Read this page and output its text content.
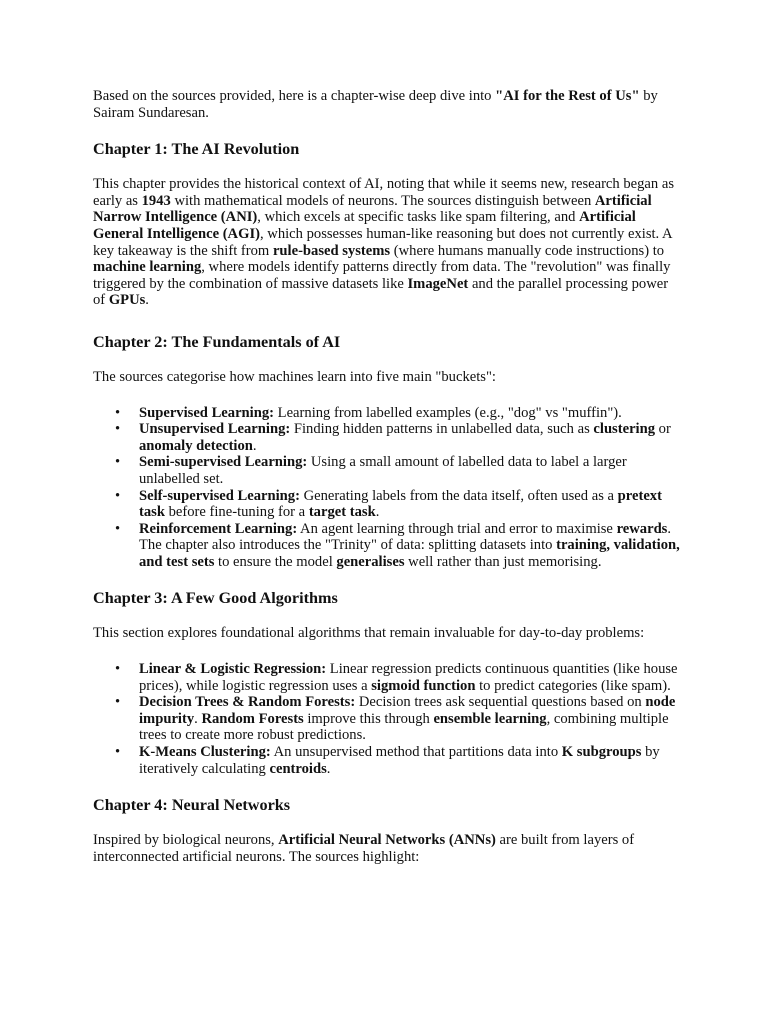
Based on the sources provided, here is a chapter-wise deep dive into "AI for the Rest of Us" by Sairam Sundaresan.

Chapter 1: The AI Revolution

This chapter provides the historical context of AI, noting that while it seems new, research began as early as 1943 with mathematical models of neurons. The sources distinguish between Artificial Narrow Intelligence (ANI), which excels at specific tasks like spam filtering, and Artificial General Intelligence (AGI), which possesses human-like reasoning but does not currently exist. A key takeaway is the shift from rule-based systems (where humans manually code instructions) to machine learning, where models identify patterns directly from data. The "revolution" was finally triggered by the combination of massive datasets like ImageNet and the parallel processing power of GPUs.

Chapter 2: The Fundamentals of AI

The sources categorise how machines learn into five main "buckets":

• Supervised Learning: Learning from labelled examples (e.g., "dog" vs "muffin").
• Unsupervised Learning: Finding hidden patterns in unlabelled data, such as clustering or anomaly detection.
• Semi-supervised Learning: Using a small amount of labelled data to label a larger unlabelled set.
• Self-supervised Learning: Generating labels from the data itself, often used as a pretext task before fine-tuning for a target task.
• Reinforcement Learning: An agent learning through trial and error to maximise rewards. The chapter also introduces the "Trinity" of data: splitting datasets into training, validation, and test sets to ensure the model generalises well rather than just memorising.
Chapter 3: A Few Good Algorithms

This section explores foundational algorithms that remain invaluable for day-to-day problems:

• Linear & Logistic Regression: Linear regression predicts continuous quantities (like house prices), while logistic regression uses a sigmoid function to predict categories (like spam).
• Decision Trees & Random Forests: Decision trees ask sequential questions based on node impurity. Random Forests improve this through ensemble learning, combining multiple trees to create more robust predictions.
• K-Means Clustering: An unsupervised method that partitions data into K subgroups by iteratively calculating centroids.
Chapter 4: Neural Networks

Inspired by biological neurons, Artificial Neural Networks (ANNs) are built from layers of interconnected artificial neurons. The sources highlight:
